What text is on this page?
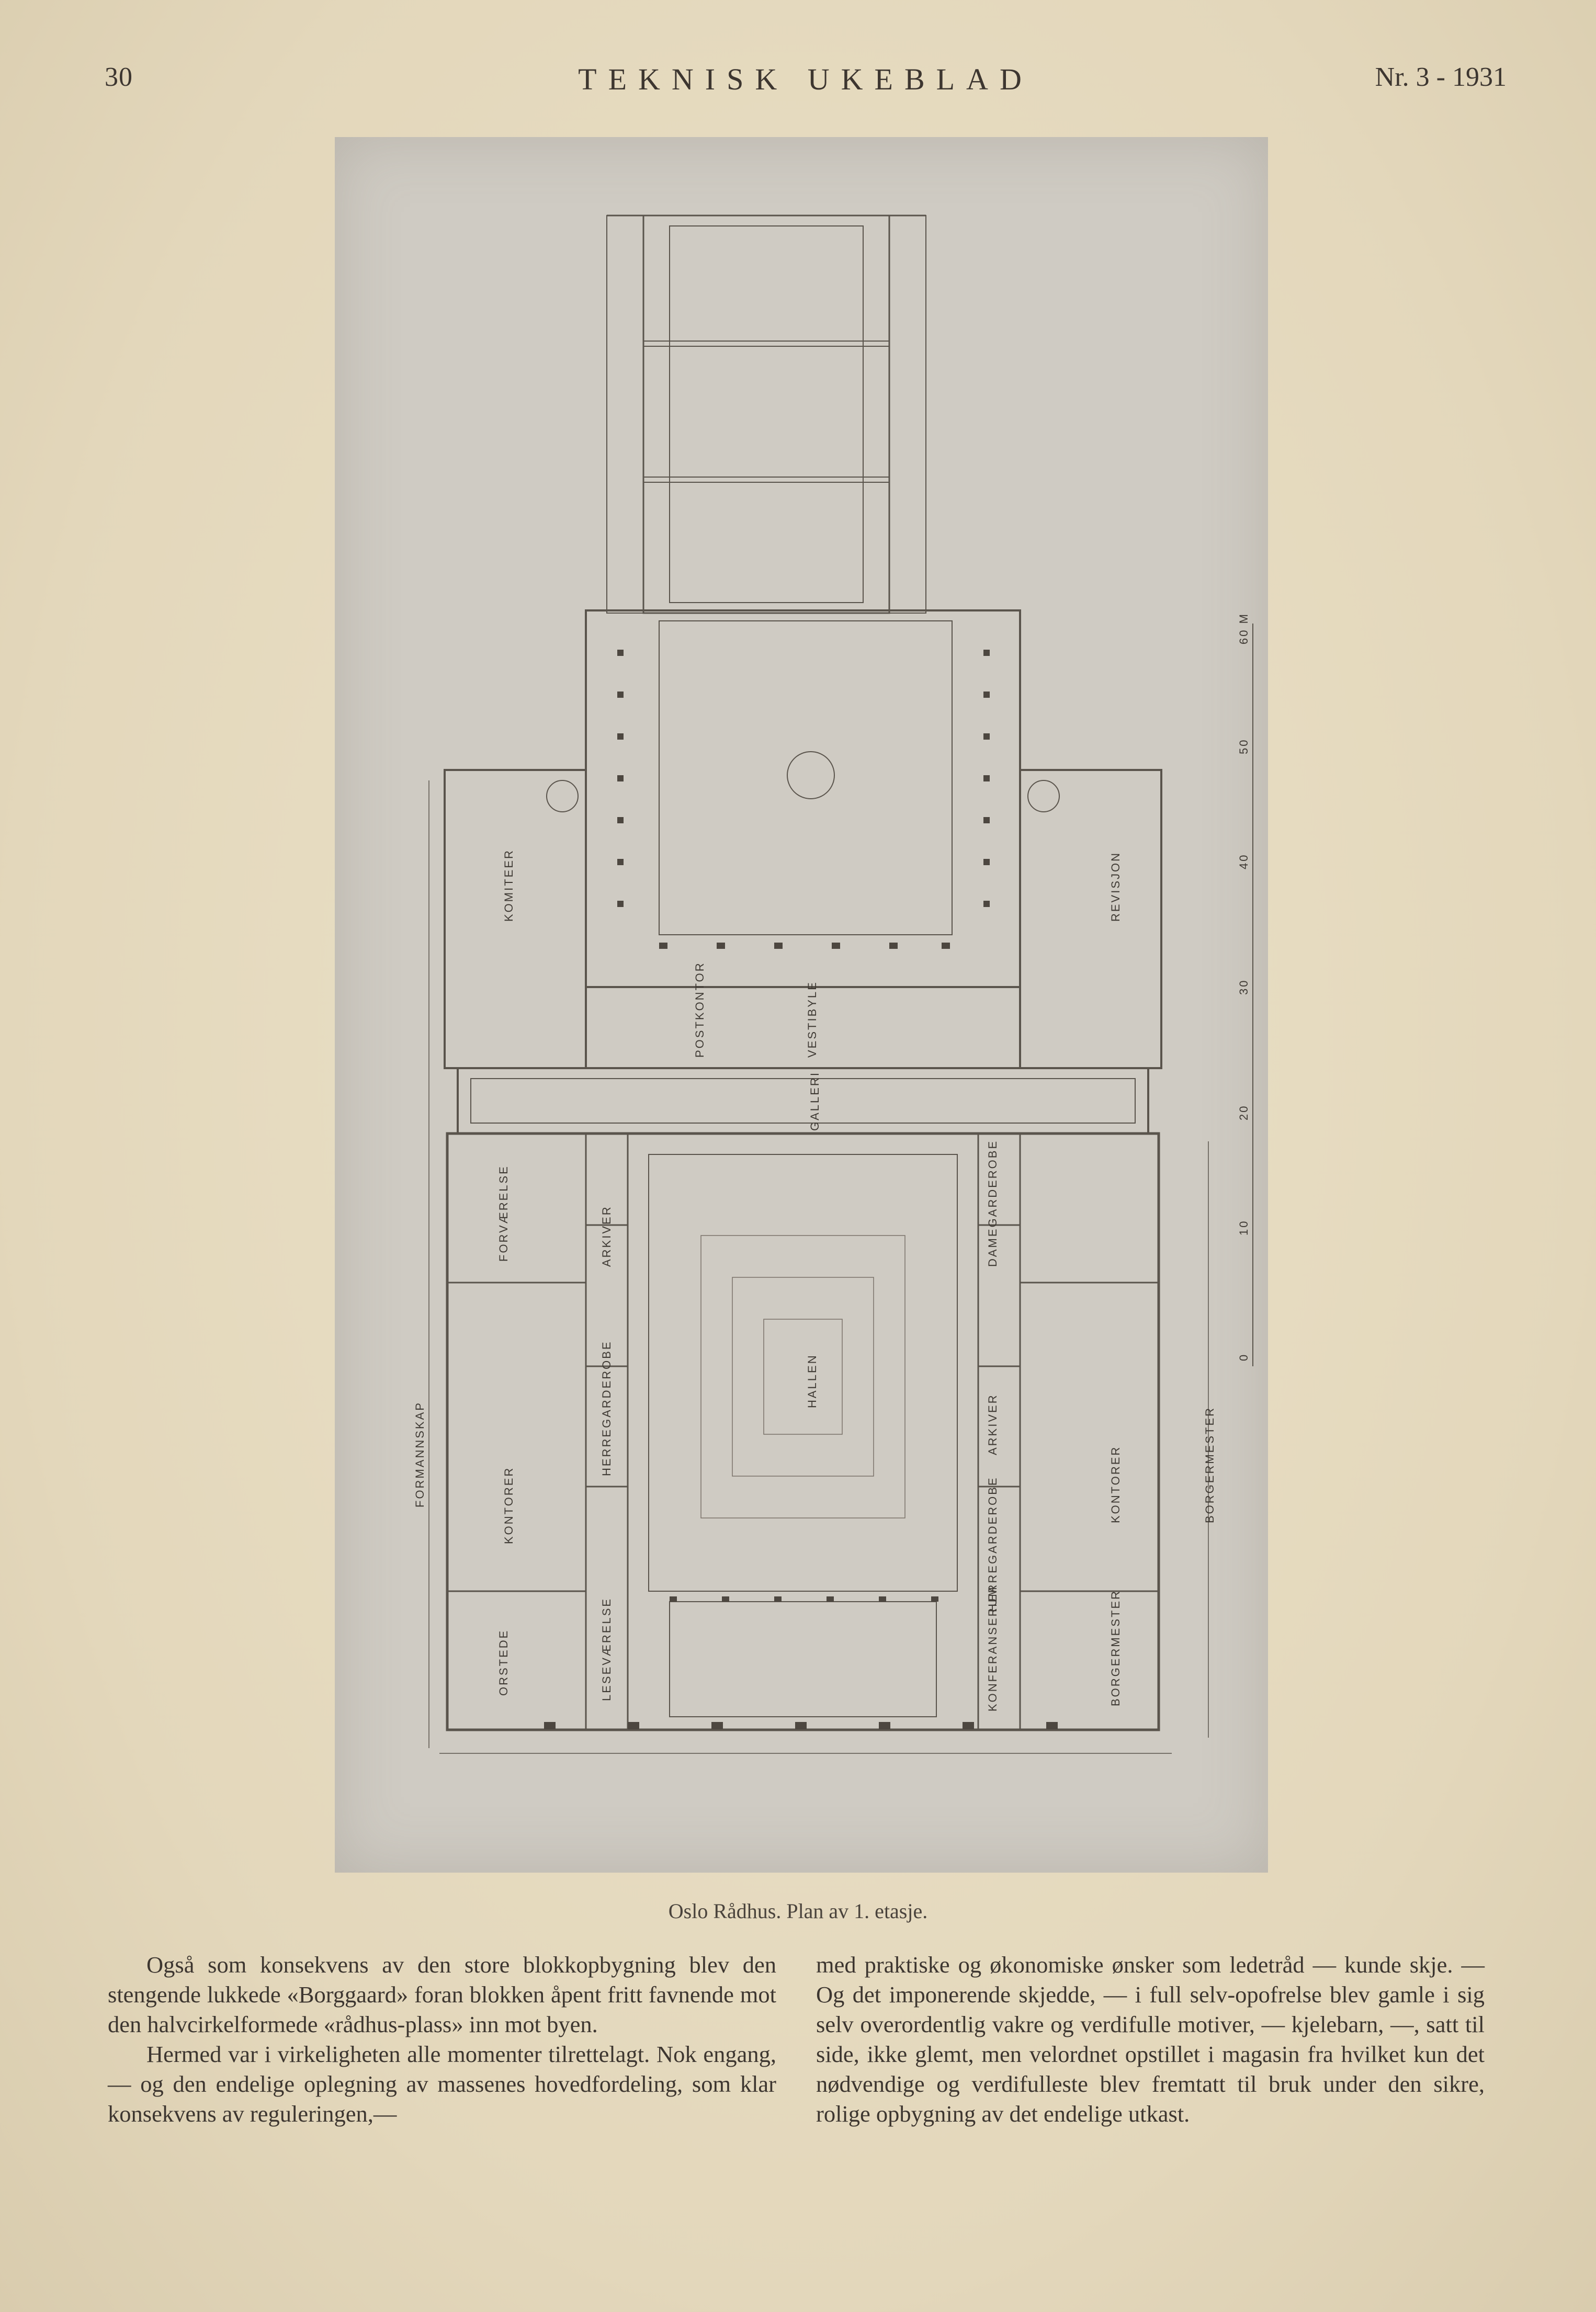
30	TEKNISK UKEBLAD	Nr. 3 - 1931
KOMITEER	REVISJON
FORMANNSKAP	BORGERMESTER
KONTORER	KONTORER
FORVÆRELSE	ARKIVER
ARKIVER
DAMEGARDEROBE
HERREGARDEROBE
HERREGARDEROBE
HALLEN
GALLERI
POSTKONTOR	VESTIBYLE
LESEVÆRELSE	KONFERANSERUM	BORGERMESTER
ORSTEDE
0
10
20
30
40
50
60 M
Oslo Rådhus. Plan av 1. etasje.

Også som konsekvens av den store blokkopbygning blev den stengende lukkede «Borggaard» foran blokken åpent fritt favnende mot den halvcirkelformede «rådhus-plass» inn mot byen.

Hermed var i virkeligheten alle momenter tilrettelagt. Nok engang, — og den endelige oplegning av massenes hovedfordeling, som klar konsekvens av reguleringen,—

med praktiske og økonomiske ønsker som ledetråd — kunde skje. — Og det imponerende skjedde, — i full selv-opofrelse blev gamle i sig selv overordentlig vakre og verdifulle motiver, — kjelebarn, —, satt til side, ikke glemt, men velordnet opstillet i magasin fra hvilket kun det nødvendige og verdifulleste blev fremtatt til bruk under den sikre, rolige opbygning av det endelige utkast.
